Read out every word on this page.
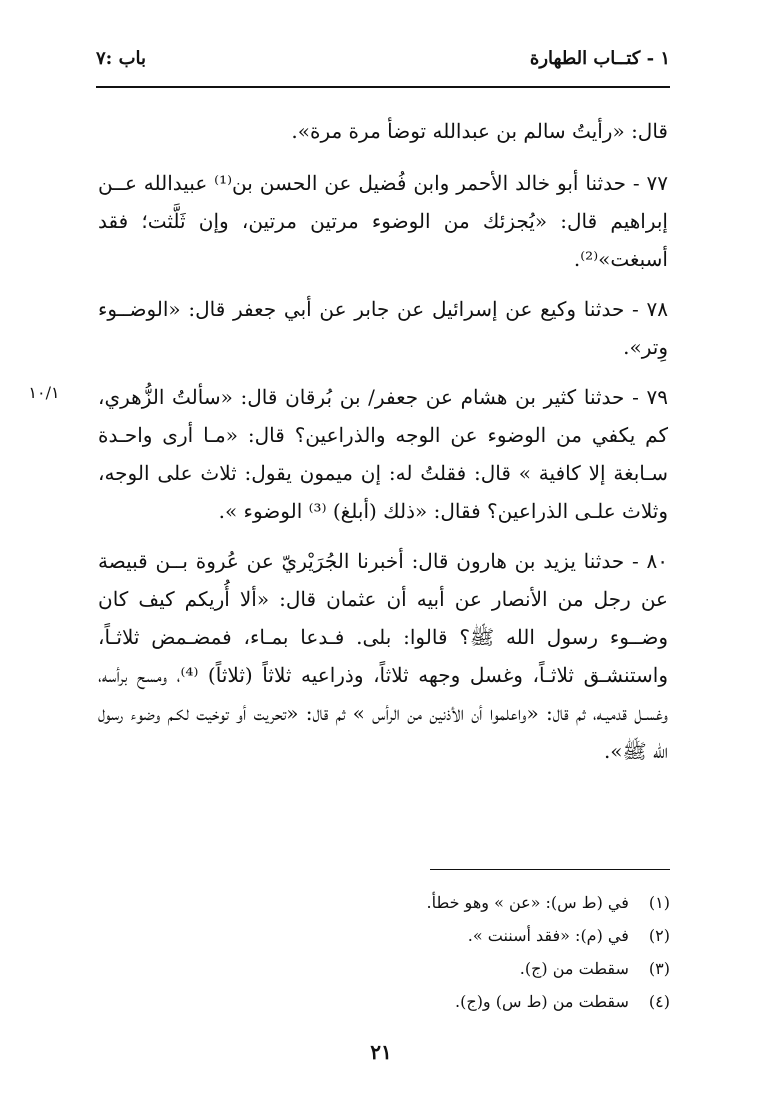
١ - كتــاب الطهارة
باب :٧

قال: «رأيتُ سالم بن عبدالله توضأ مرة مرة».

٧٧ - حدثنا أبو خالد الأحمر وابن فُضيل عن الحسن بن⁽¹⁾ عبيدالله عــن إبراهيم قال: «يُجزئك من الوضوء مرتين مرتين، وإن ثَلَّثت؛ فقد أسبغت»⁽²⁾.

٧٨ - حدثنا وكيع عن إسرائيل عن جابر عن أبي جعفر قال: «الوضــوء وِتر».

٧٩ - حدثنا كثير بن هشام عن جعفر/ بن بُرقان قال: «سألتُ الزُّهري، كم يكفي من الوضوء عن الوجه والذراعين؟ قال: «مـا أرى واحـدة سـابغة إلا كافية » قال: فقلتُ له: إن ميمون يقول: ثلاث على الوجه، وثلاث علـى الذراعين؟ فقال: «ذلك (أبلغ) ⁽³⁾ الوضوء ».

٨٠ - حدثنا يزيد بن هارون قال: أخبرنا الجُرَيْريّ عن عُروة بــن قبيصة عن رجل من الأنصار عن أبيه أن عثمان قال: «ألا أُريكم كيف كان وضــوء رسول الله ﷺ؟ قالوا: بلى. فـدعا بمـاء، فمضـمض ثلاثـاً، واستنشـق ثلاثـاً، وغسل وجهه ثلاثاً، وذراعيه ثلاثاً (ثلاثاً) ⁽⁴⁾، ومسح برأسه، وغسـل قدميـه، ثم قال: «واعلموا أن الأذنين من الرأس » ثم قال: «تحريت أو توخيت لكـم وضوء رسول الله ﷺ».

١٠/١
(١) في (ط س): «عن » وهو خطأ.
(٢) في (م): «فقد أسننت ».
(٣) سقطت من (ج).
(٤) سقطت من (ط س) و(ج).
٢١
